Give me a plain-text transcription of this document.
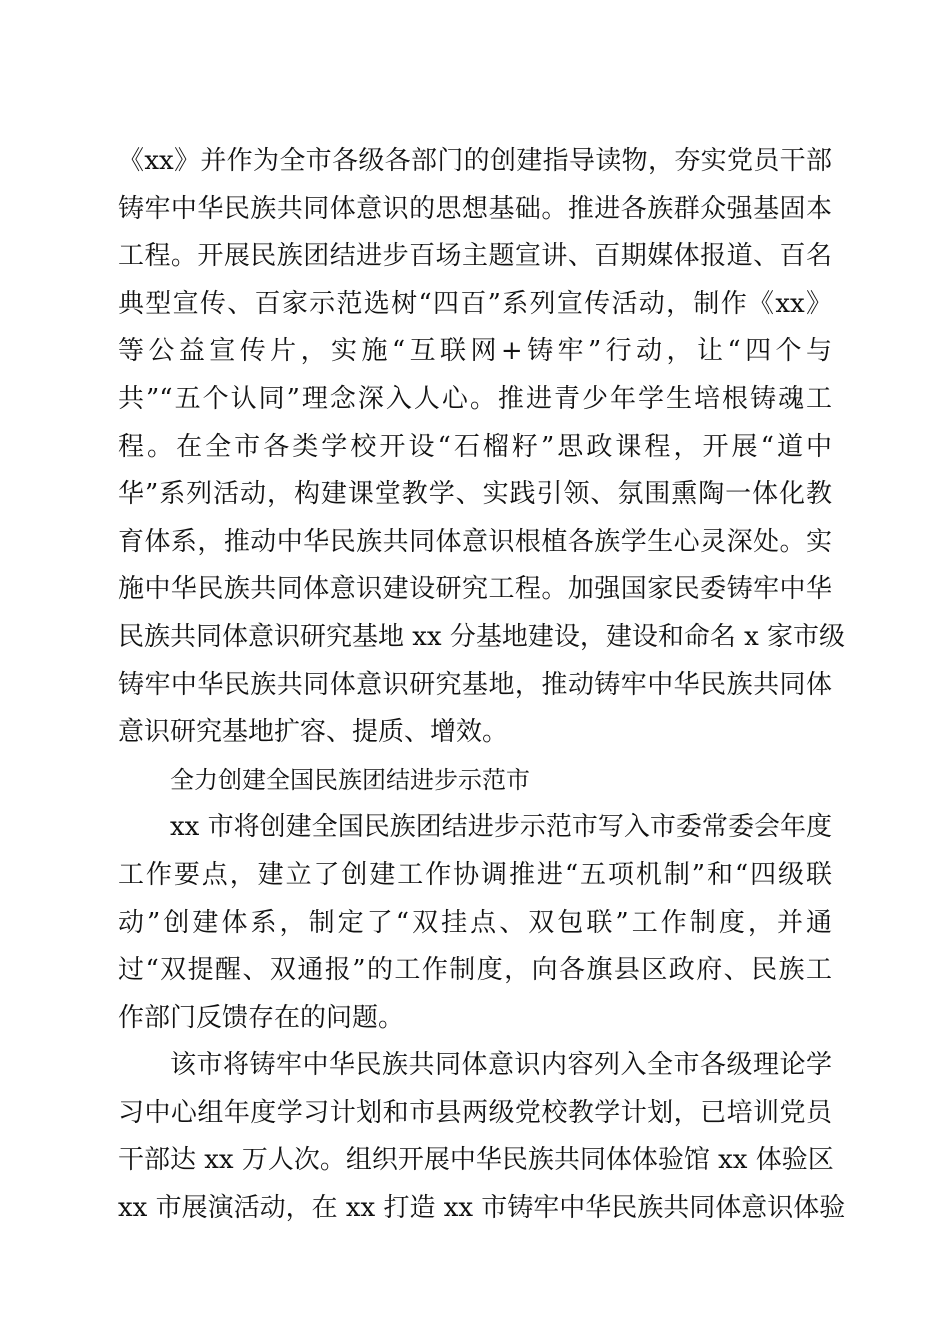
《xx》并作为全市各级各部门的创建指导读物，夯实党员干部
铸牢中华民族共同体意识的思想基础。推进各族群众强基固本
工程。开展民族团结进步百场主题宣讲、百期媒体报道、百名
典型宣传、百家示范选树“四百”系列宣传活动，制作《xx》
等公益宣传片，实施“互联网+铸牢”行动，让“四个与
共”“五个认同”理念深入人心。推进青少年学生培根铸魂工
程。在全市各类学校开设“石榴籽”思政课程，开展“道中
华”系列活动，构建课堂教学、实践引领、氛围熏陶一体化教
育体系，推动中华民族共同体意识根植各族学生心灵深处。实
施中华民族共同体意识建设研究工程。加强国家民委铸牢中华
民族共同体意识研究基地 xx 分基地建设，建设和命名 x 家市级
铸牢中华民族共同体意识研究基地，推动铸牢中华民族共同体
意识研究基地扩容、提质、增效。
全力创建全国民族团结进步示范市
xx 市将创建全国民族团结进步示范市写入市委常委会年度
工作要点，建立了创建工作协调推进“五项机制”和“四级联
动”创建体系，制定了“双挂点、双包联”工作制度，并通
过“双提醒、双通报”的工作制度，向各旗县区政府、民族工
作部门反馈存在的问题。
该市将铸牢中华民族共同体意识内容列入全市各级理论学
习中心组年度学习计划和市县两级党校教学计划，已培训党员
干部达 xx 万人次。组织开展中华民族共同体体验馆 xx 体验区
xx 市展演活动，在 xx 打造 xx 市铸牢中华民族共同体意识体验
